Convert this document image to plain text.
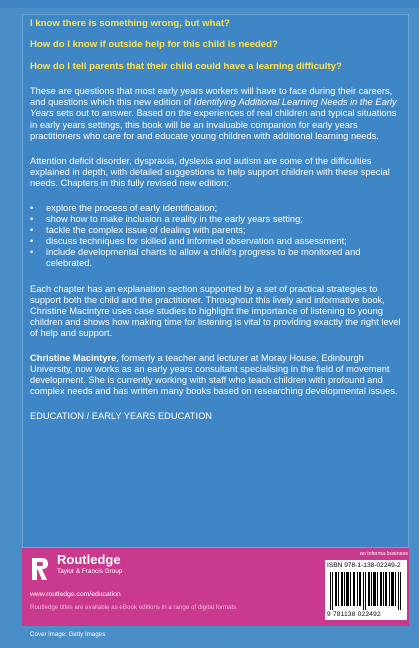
I know there is something wrong, but what?
How do I know if outside help for this child is needed?
How do I tell parents that their child could have a learning difficulty?

These are questions that most early years workers will have to face during their careers, and questions which this new edition of Identifying Additional Learning Needs in the Early Years sets out to answer. Based on the experiences of real children and typical situations in early years settings, this book will be an invaluable companion for early years practitioners who care for and educate young children with additional learning needs.

Attention deficit disorder, dyspraxia, dyslexia and autism are some of the difficulties explained in depth, with detailed suggestions to help support children with these special needs. Chapters in this fully revised new edition:

• explore the process of early identification;
• show how to make inclusion a reality in the early years setting;
• tackle the complex issue of dealing with parents;
• discuss techniques for skilled and informed observation and assessment;
• include developmental charts to allow a child's progress to be monitored and celebrated.

Each chapter has an explanation section supported by a set of practical strategies to support both the child and the practitioner. Throughout this lively and informative book, Christine Macintyre uses case studies to highlight the importance of listening to young children and shows how making time for listening is vital to providing exactly the right level of help and support.

Christine Macintyre, formerly a teacher and lecturer at Moray House, Edinburgh University, now works as an early years consultant specialising in the field of movement development. She is currently working with staff who teach children with profound and complex needs and has written many books based on researching developmental issues.

EDUCATION / EARLY YEARS EDUCATION
Routledge
Taylor & Francis Group
www.routledge.com/education
an informa business
ISBN 978-1-138-02249-2
9 781138 022492
Routledge titles are available as eBook editions in a range of digital formats
Cover image: Getty Images
